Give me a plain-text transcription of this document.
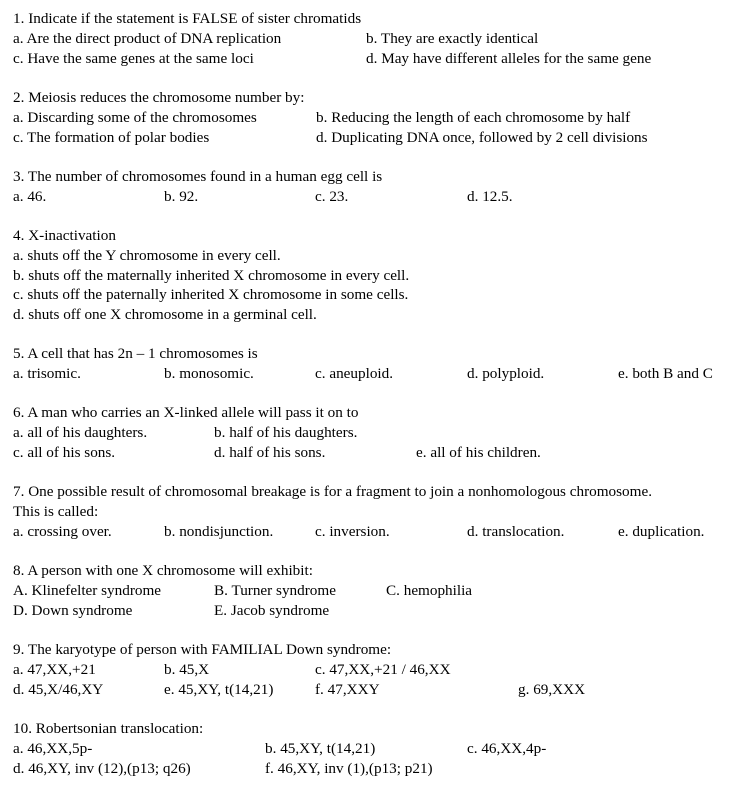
1. Indicate if the statement is FALSE of sister chromatids
a. Are the direct product of DNA replication	b. They are exactly identical
c. Have the same genes at the same loci	d. May have different alleles for the same gene
2. Meiosis reduces the chromosome number by:
a. Discarding some of the chromosomes	b. Reducing the length of each chromosome by half
c. The formation of polar bodies	d. Duplicating DNA once, followed by 2 cell divisions
3. The number of chromosomes found in a human egg cell is
a. 46.	b. 92.	c. 23.	d. 12.5.
4. X-inactivation
a. shuts off the Y chromosome in every cell.
b. shuts off the maternally inherited X chromosome in every cell.
c. shuts off the paternally inherited X chromosome in some cells.
d. shuts off one X chromosome in a germinal cell.
5. A cell that has 2n – 1 chromosomes is
a. trisomic.	b. monosomic.	c. aneuploid.	d. polyploid.	e. both B and C
6. A man who carries an X-linked allele will pass it on to
a. all of his daughters.	b. half of his daughters.
c. all of his sons.	d. half of his sons.	e. all of his children.
7. One possible result of chromosomal breakage is for a fragment to join a nonhomologous chromosome.
This is called:
a. crossing over.	b. nondisjunction.	c. inversion.	d. translocation.	e. duplication.
8. A person with one X chromosome will exhibit:
A. Klinefelter syndrome	B. Turner syndrome	C. hemophilia
D. Down syndrome	E. Jacob syndrome
9. The karyotype of person with FAMILIAL Down syndrome:
a. 47,XX,+21	b. 45,X	c. 47,XX,+21 / 46,XX
d. 45,X/46,XY	e. 45,XY, t(14,21)	f. 47,XXY	g. 69,XXX
10. Robertsonian translocation:
a. 46,XX,5p-	b. 45,XY, t(14,21)	c. 46,XX,4p-
d. 46,XY, inv (12),(p13; q26)	f. 46,XY, inv (1),(p13; p21)
